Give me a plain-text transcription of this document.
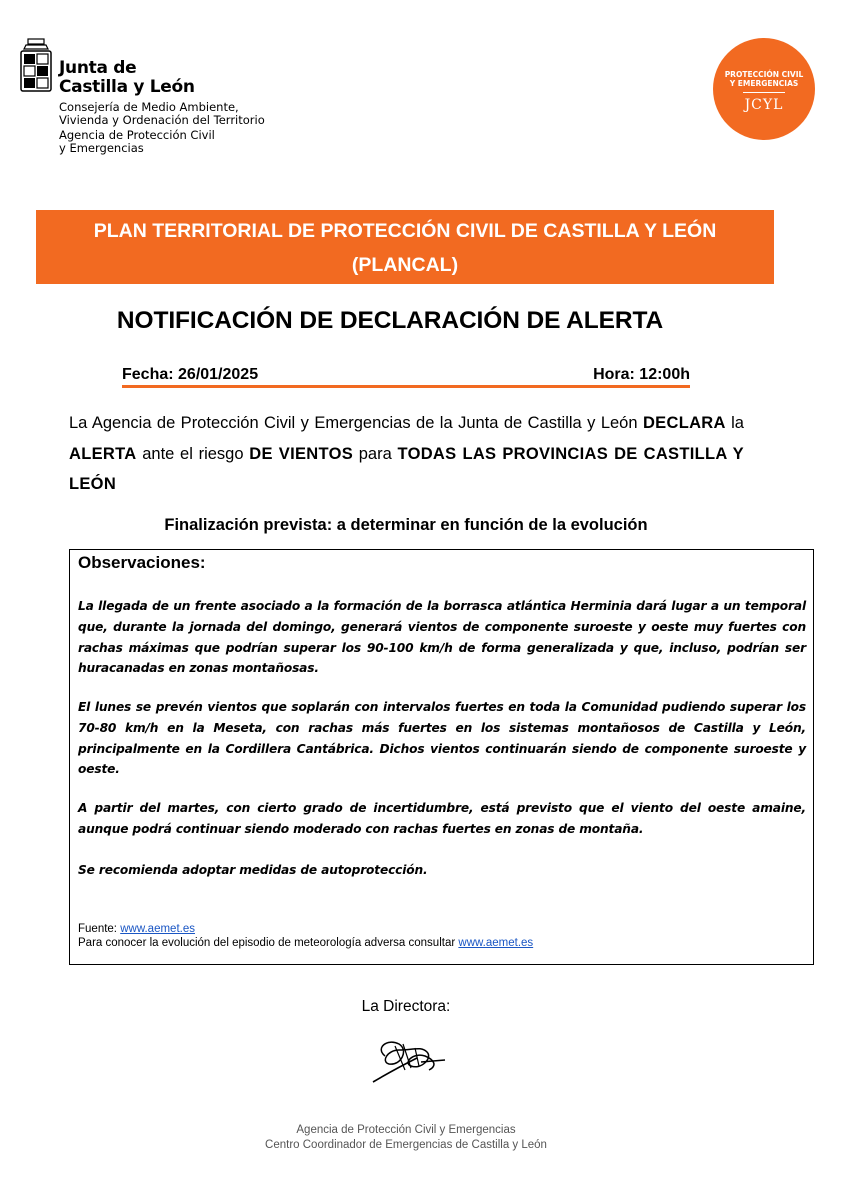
Junta de
Castilla y León
Consejería de Medio Ambiente,
Vivienda y Ordenación del Territorio
Agencia de Protección Civil
y Emergencias
PROTECCIÓN CIVIL
Y EMERGENCIAS
JCYL
PLAN TERRITORIAL DE PROTECCIÓN CIVIL DE CASTILLA Y LEÓN
(PLANCAL)
NOTIFICACIÓN DE DECLARACIÓN DE ALERTA
Fecha: 26/01/2025	Hora: 12:00h
La Agencia de Protección Civil y Emergencias de la Junta de Castilla y León DECLARA la ALERTA ante el riesgo DE VIENTOS para TODAS LAS PROVINCIAS DE CASTILLA Y LEÓN
Finalización prevista: a determinar en función de la evolución
Observaciones:
La llegada de un frente asociado a la formación de la borrasca atlántica Herminia dará lugar a un temporal que, durante la jornada del domingo, generará vientos de componente suroeste y oeste muy fuertes con rachas máximas que podrían superar los 90-100 km/h de forma generalizada y que, incluso, podrían ser huracanadas en zonas montañosas.
El lunes se prevén vientos que soplarán con intervalos fuertes en toda la Comunidad pudiendo superar los 70-80 km/h en la Meseta, con rachas más fuertes en los sistemas montañosos de Castilla y León, principalmente en la Cordillera Cantábrica. Dichos vientos continuarán siendo de componente suroeste y oeste.
A partir del martes, con cierto grado de incertidumbre, está previsto que el viento del oeste amaine, aunque podrá continuar siendo moderado con rachas fuertes en zonas de montaña.
Se recomienda adoptar medidas de autoprotección.
Fuente: www.aemet.es
Para conocer la evolución del episodio de meteorología adversa consultar www.aemet.es
La Directora:
Agencia de Protección Civil y Emergencias
Centro Coordinador de Emergencias de Castilla y León
